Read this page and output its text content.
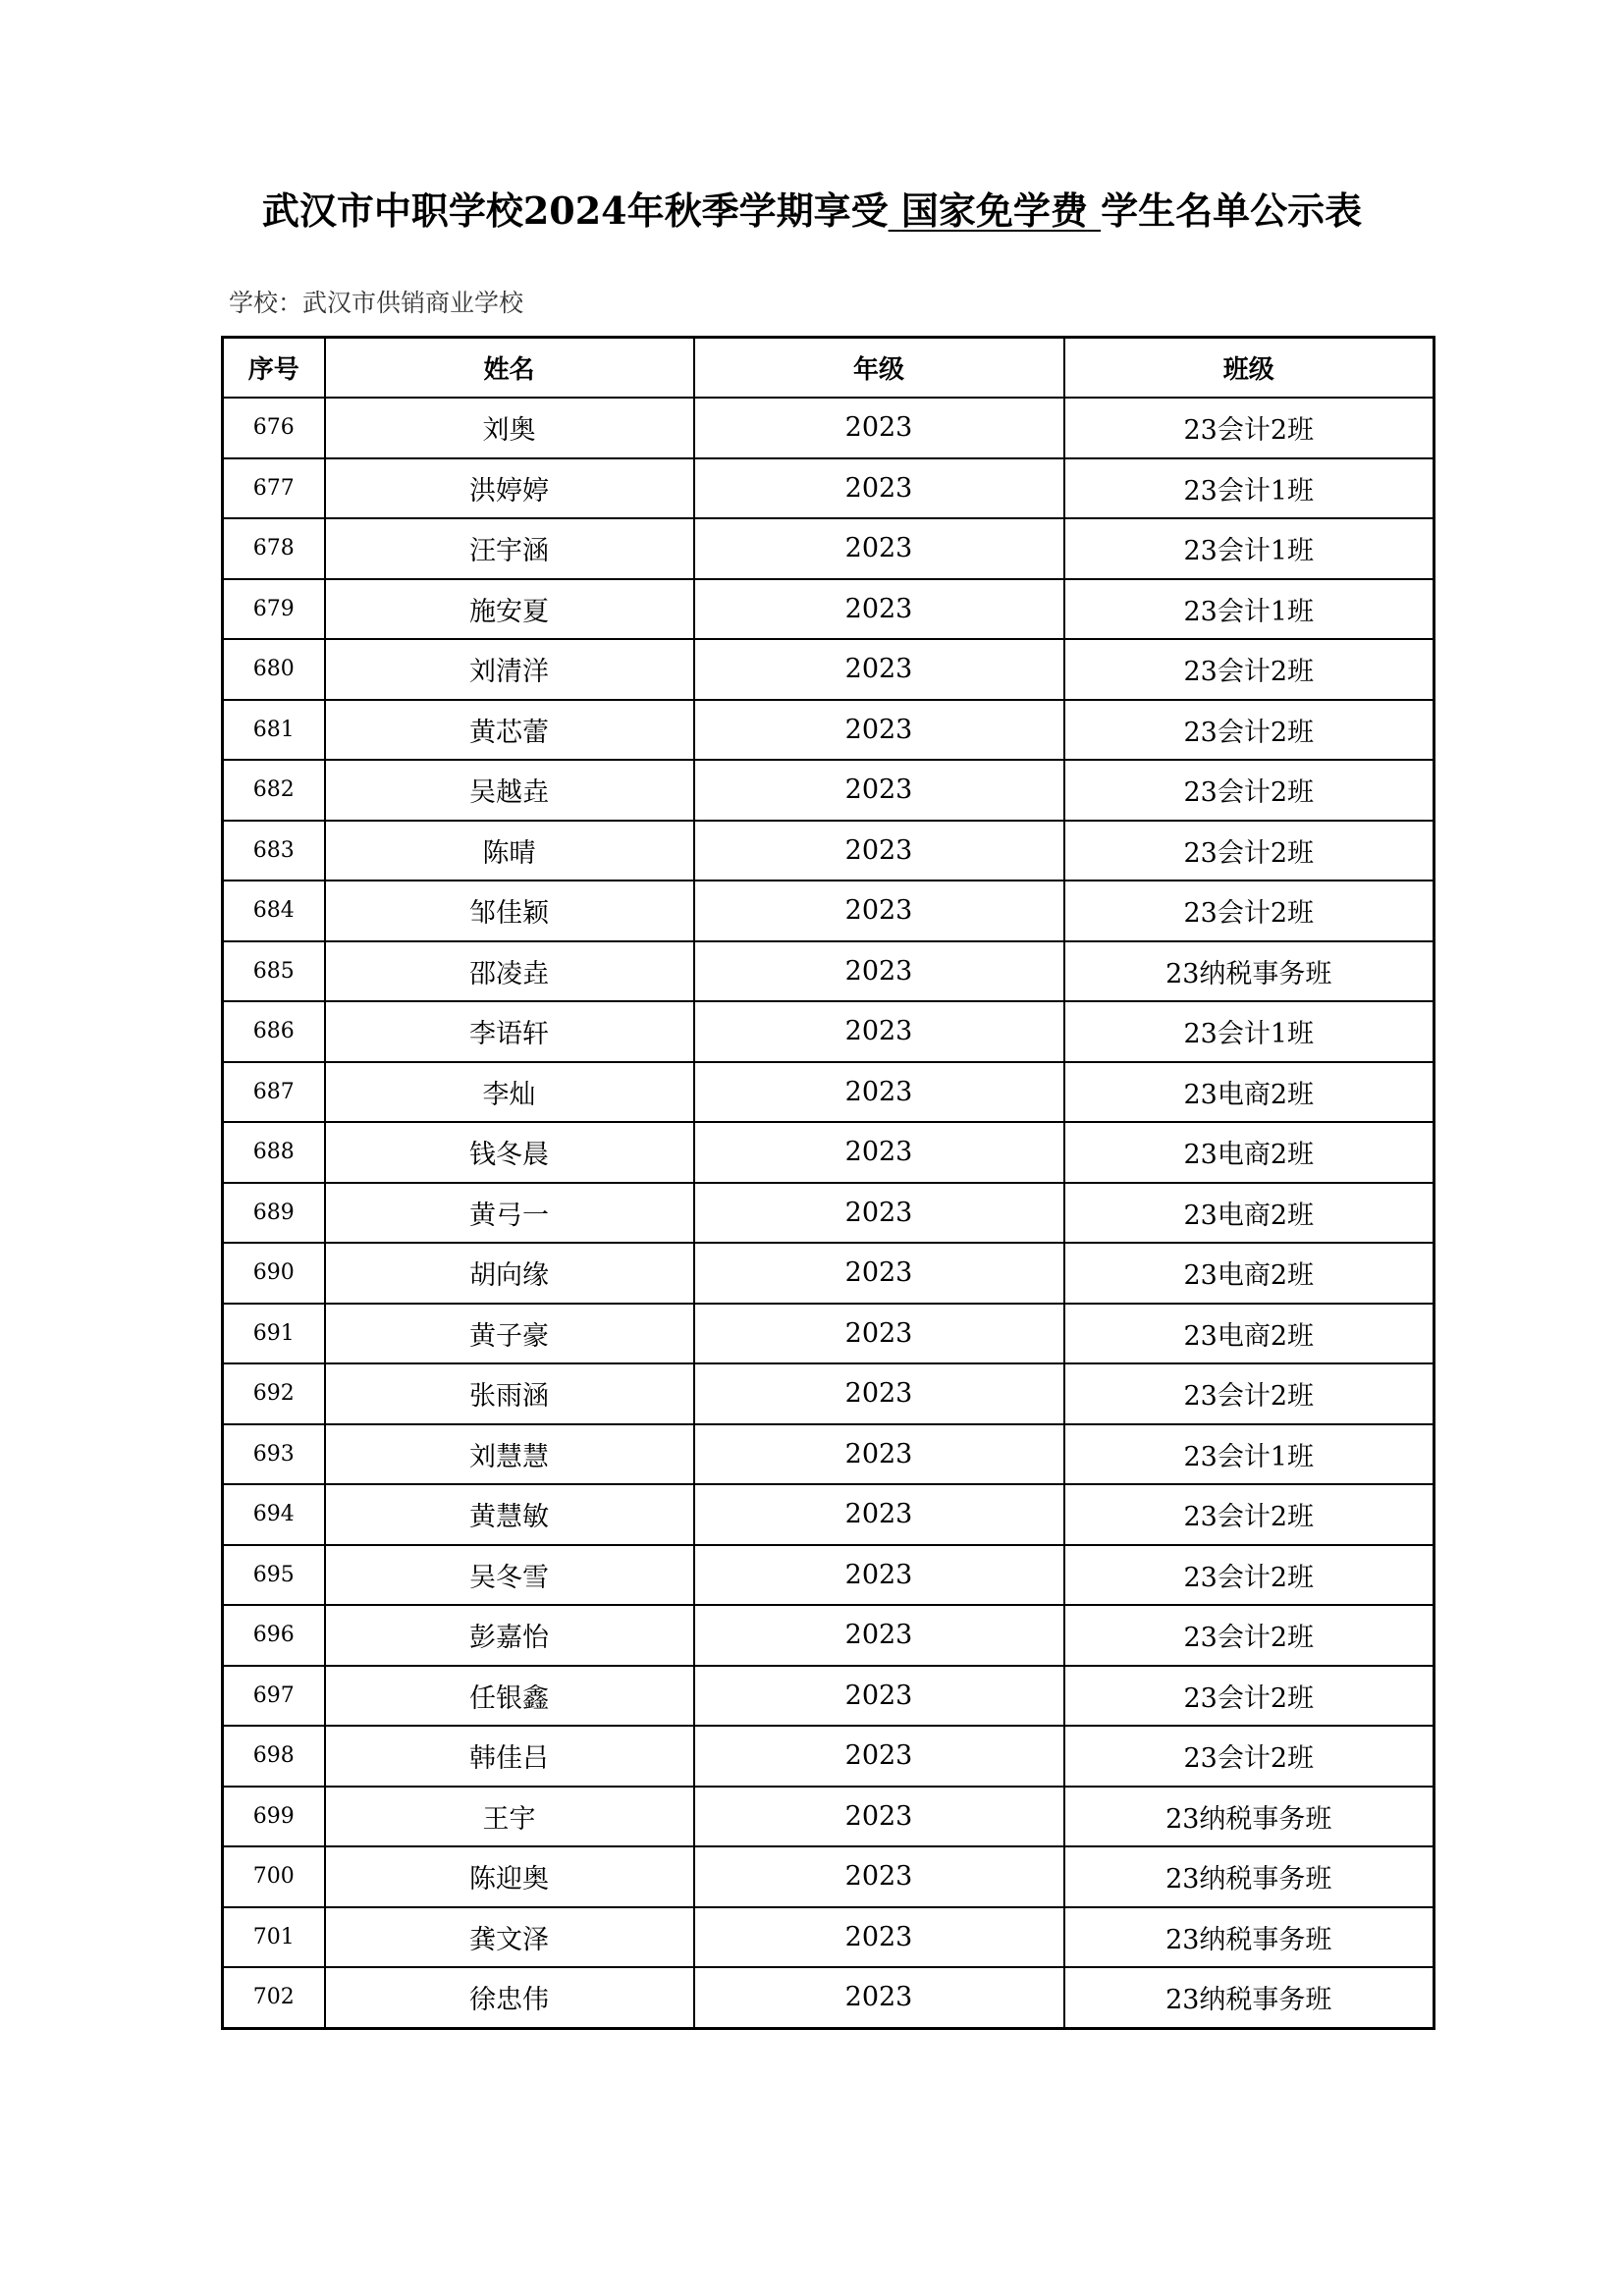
武汉市中职学校2024年秋季学期享受 国家免学费 学生名单公示表
学校：武汉市供销商业学校
序号	姓名	年级	班级
676	刘奥	2023	23会计2班
677	洪婷婷	2023	23会计1班
678	汪宇涵	2023	23会计1班
679	施安夏	2023	23会计1班
680	刘清洋	2023	23会计2班
681	黄芯蕾	2023	23会计2班
682	吴越垚	2023	23会计2班
683	陈晴	2023	23会计2班
684	邹佳颖	2023	23会计2班
685	邵凌垚	2023	23纳税事务班
686	李语轩	2023	23会计1班
687	李灿	2023	23电商2班
688	钱冬晨	2023	23电商2班
689	黄弓一	2023	23电商2班
690	胡向缘	2023	23电商2班
691	黄子豪	2023	23电商2班
692	张雨涵	2023	23会计2班
693	刘慧慧	2023	23会计1班
694	黄慧敏	2023	23会计2班
695	吴冬雪	2023	23会计2班
696	彭嘉怡	2023	23会计2班
697	任银鑫	2023	23会计2班
698	韩佳吕	2023	23会计2班
699	王宇	2023	23纳税事务班
700	陈迎奥	2023	23纳税事务班
701	龚文泽	2023	23纳税事务班
702	徐忠伟	2023	23纳税事务班
